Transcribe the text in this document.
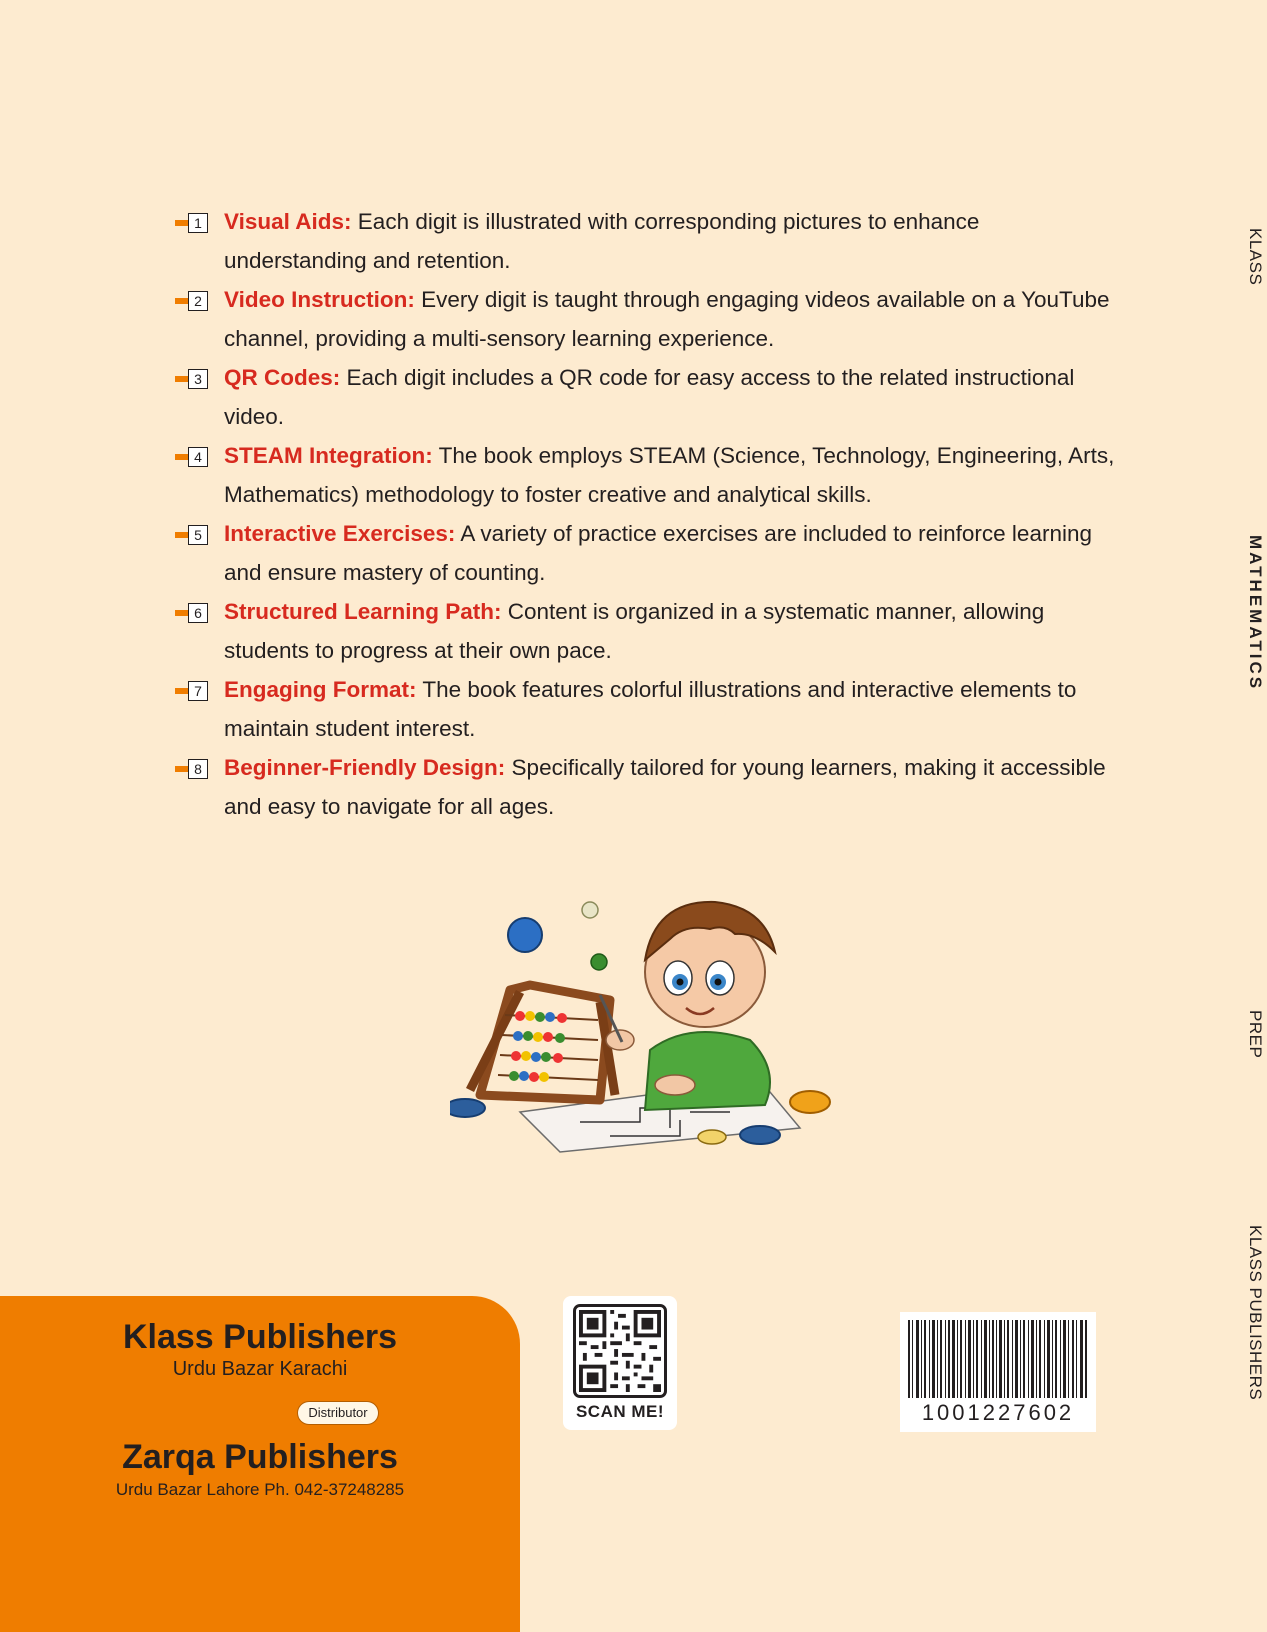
1 Visual Aids: Each digit is illustrated with corresponding pictures to enhance understanding and retention.
2 Video Instruction: Every digit is taught through engaging videos available on a YouTube channel, providing a multi-sensory learning experience.
3 QR Codes: Each digit includes a QR code for easy access to the related instructional video.
4 STEAM Integration: The book employs STEAM (Science, Technology, Engineering, Arts, Mathematics) methodology to foster creative and analytical skills.
5 Interactive Exercises: A variety of practice exercises are included to reinforce learning and ensure mastery of counting.
6 Structured Learning Path: Content is organized in a systematic manner, allowing students to progress at their own pace.
7 Engaging Format: The book features colorful illustrations and interactive elements to maintain student interest.
8 Beginner-Friendly Design: Specifically tailored for young learners, making it accessible and easy to navigate for all ages.
KLASS
MATHEMATICS
PREP
KLASS PUBLISHERS
Klass Publishers
Urdu Bazar Karachi
Distributor
Zarqa Publishers
Urdu Bazar Lahore Ph. 042-37248285
SCAN ME!	1001227602
